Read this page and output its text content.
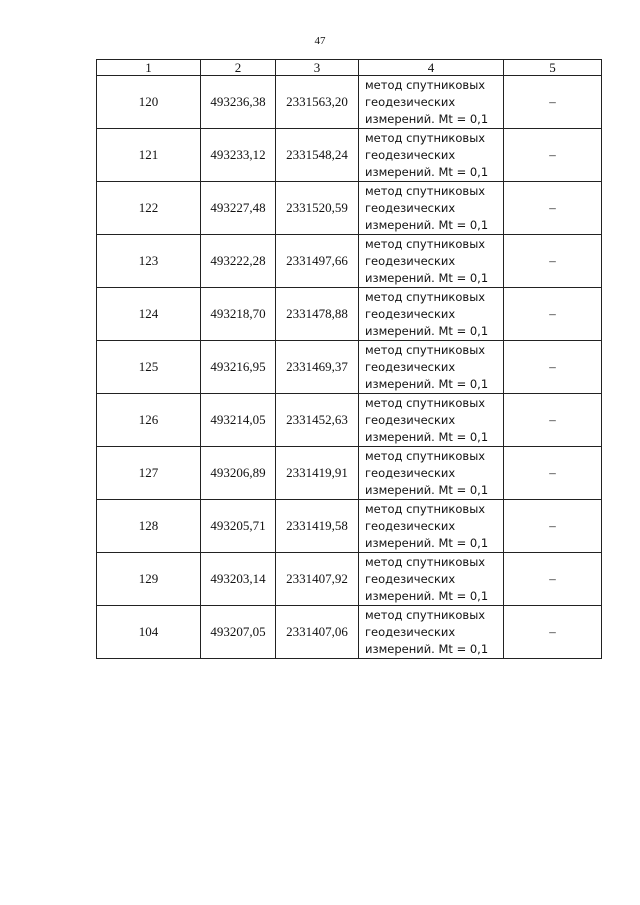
47
1	2	3	4	5
120	493236,38	2331563,20	метод спутниковых
геодезических
измерений. Mt = 0,1	–
121	493233,12	2331548,24	метод спутниковых
геодезических
измерений. Mt = 0,1	–
122	493227,48	2331520,59	метод спутниковых
геодезических
измерений. Mt = 0,1	–
123	493222,28	2331497,66	метод спутниковых
геодезических
измерений. Mt = 0,1	–
124	493218,70	2331478,88	метод спутниковых
геодезических
измерений. Mt = 0,1	–
125	493216,95	2331469,37	метод спутниковых
геодезических
измерений. Mt = 0,1	–
126	493214,05	2331452,63	метод спутниковых
геодезических
измерений. Mt = 0,1	–
127	493206,89	2331419,91	метод спутниковых
геодезических
измерений. Mt = 0,1	–
128	493205,71	2331419,58	метод спутниковых
геодезических
измерений. Mt = 0,1	–
129	493203,14	2331407,92	метод спутниковых
геодезических
измерений. Mt = 0,1	–
104	493207,05	2331407,06	метод спутниковых
геодезических
измерений. Mt = 0,1	–
